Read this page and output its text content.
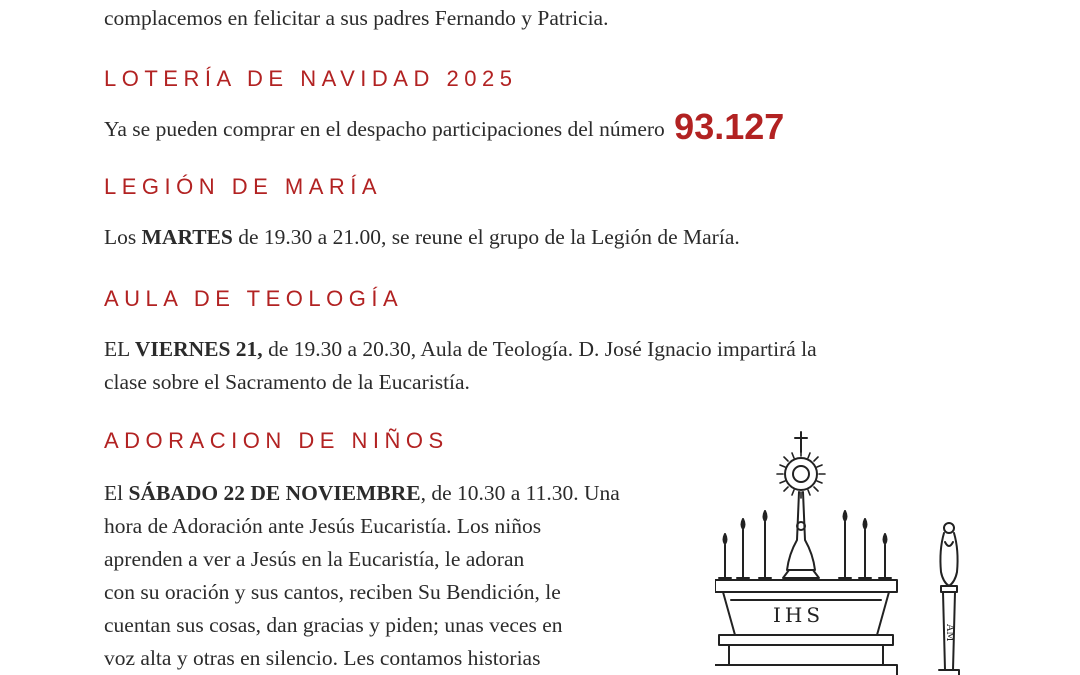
complacemos en felicitar a sus padres Fernando y Patricia.

LOTERÍA DE NAVIDAD 2025

Ya se pueden comprar en el despacho participaciones del número 93.127

LEGIÓN DE MARÍA

Los MARTES de 19.30 a 21.00, se reune el grupo de la Legión de María.

AULA DE TEOLOGÍA

EL VIERNES 21, de 19.30 a 20.30, Aula de Teología. D. José Ignacio impartirá la
clase sobre el Sacramento de la Eucaristía.

ADORACION DE NIÑOS

El SÁBADO 22 DE NOVIEMBRE, de 10.30 a 11.30. Una
hora de Adoración ante Jesús Eucaristía. Los niños
aprenden a ver a Jesús en la Eucaristía, le adoran
con su oración y sus cantos, reciben Su Bendición, le
cuentan sus cosas, dan gracias y piden; unas veces en
voz alta y otras en silencio. Les contamos historias

IHS
AM
